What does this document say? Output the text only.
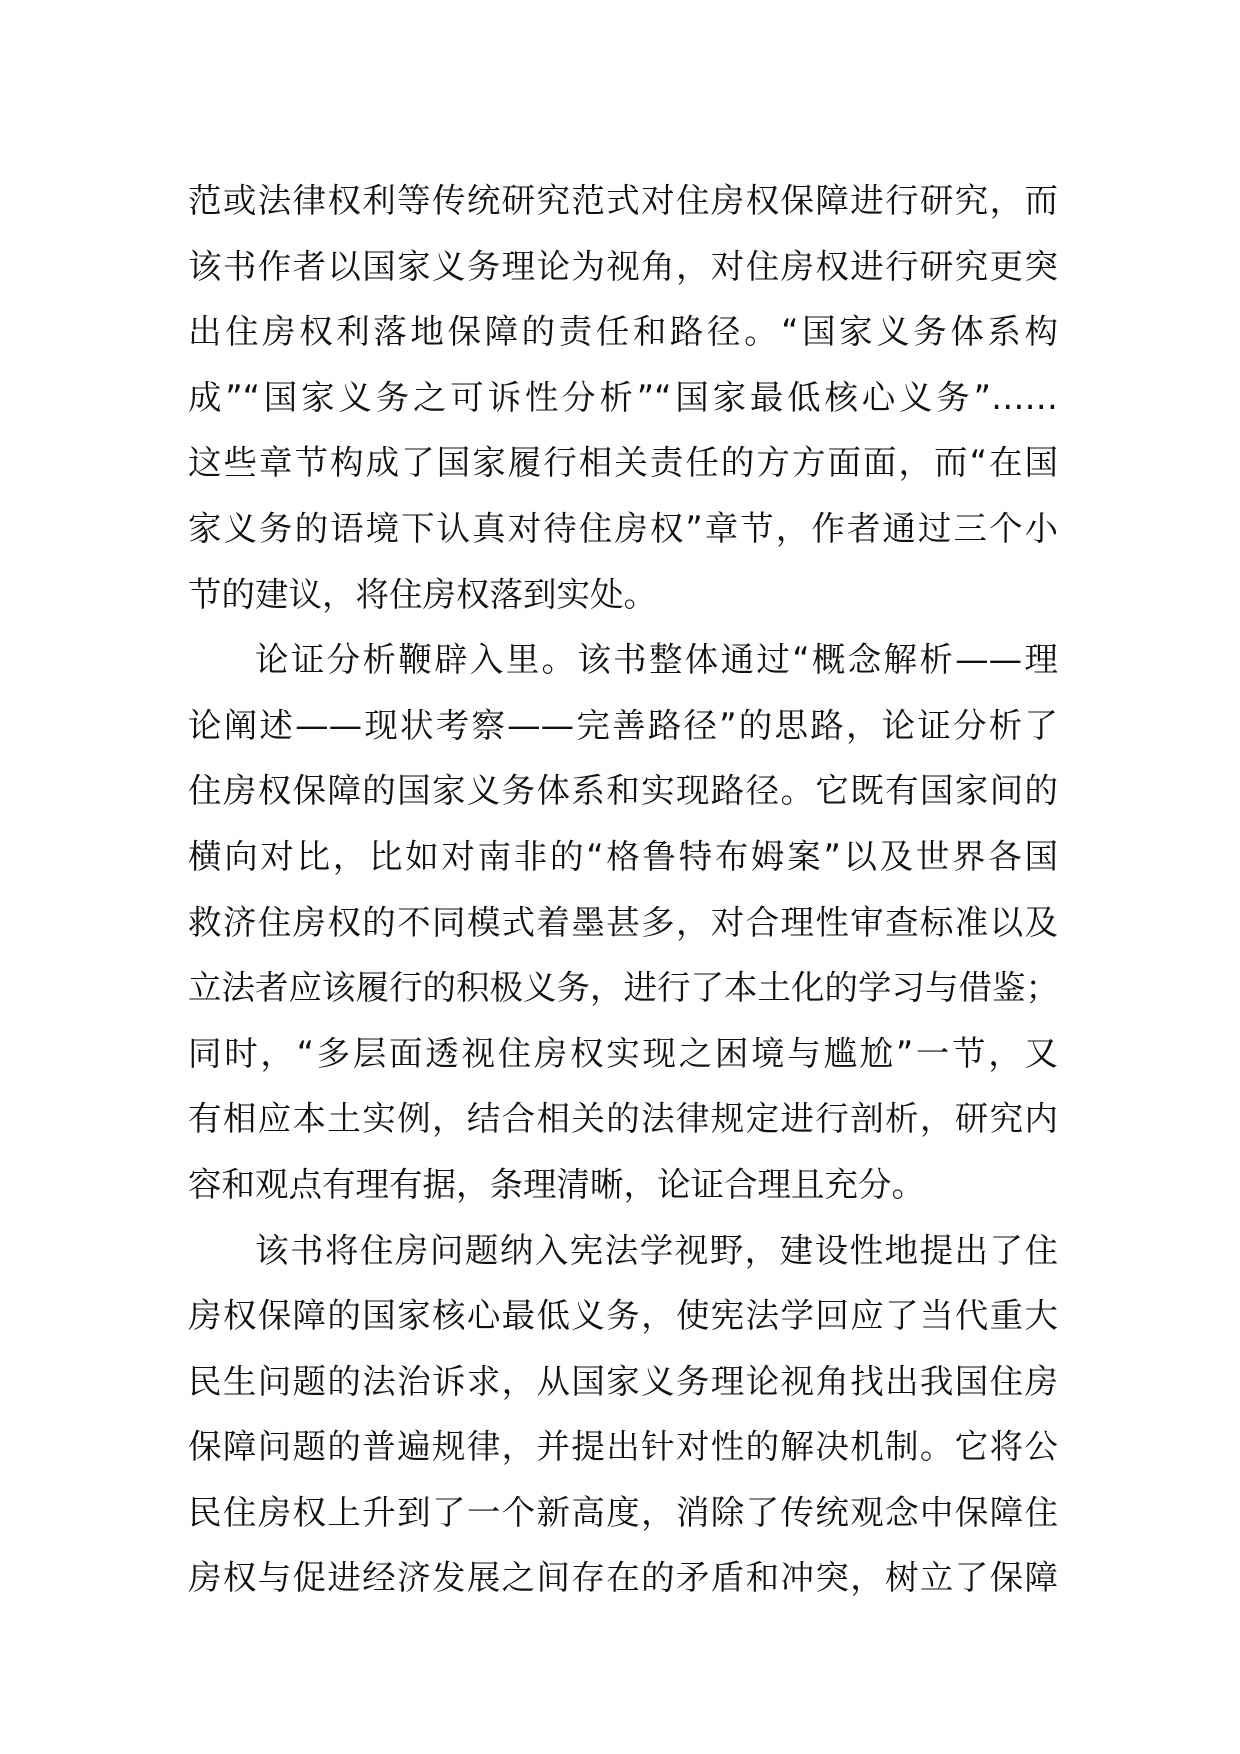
范或法律权利等传统研究范式对住房权保障进行研究，而
该书作者以国家义务理论为视角，对住房权进行研究更突
出住房权利落地保障的责任和路径。“国家义务体系构
成”“国家义务之可诉性分析”“国家最低核心义务”……
这些章节构成了国家履行相关责任的方方面面，而“在国
家义务的语境下认真对待住房权”章节，作者通过三个小
节的建议，将住房权落到实处。
论证分析鞭辟入里。该书整体通过“概念解析——理
论阐述——现状考察——完善路径”的思路，论证分析了
住房权保障的国家义务体系和实现路径。它既有国家间的
横向对比，比如对南非的“格鲁特布姆案”以及世界各国
救济住房权的不同模式着墨甚多，对合理性审查标准以及
立法者应该履行的积极义务，进行了本土化的学习与借鉴；
同时，“多层面透视住房权实现之困境与尴尬”一节，又
有相应本土实例，结合相关的法律规定进行剖析，研究内
容和观点有理有据，条理清晰，论证合理且充分。
该书将住房问题纳入宪法学视野，建设性地提出了住
房权保障的国家核心最低义务，使宪法学回应了当代重大
民生问题的法治诉求，从国家义务理论视角找出我国住房
保障问题的普遍规律，并提出针对性的解决机制。它将公
民住房权上升到了一个新高度，消除了传统观念中保障住
房权与促进经济发展之间存在的矛盾和冲突，树立了保障
